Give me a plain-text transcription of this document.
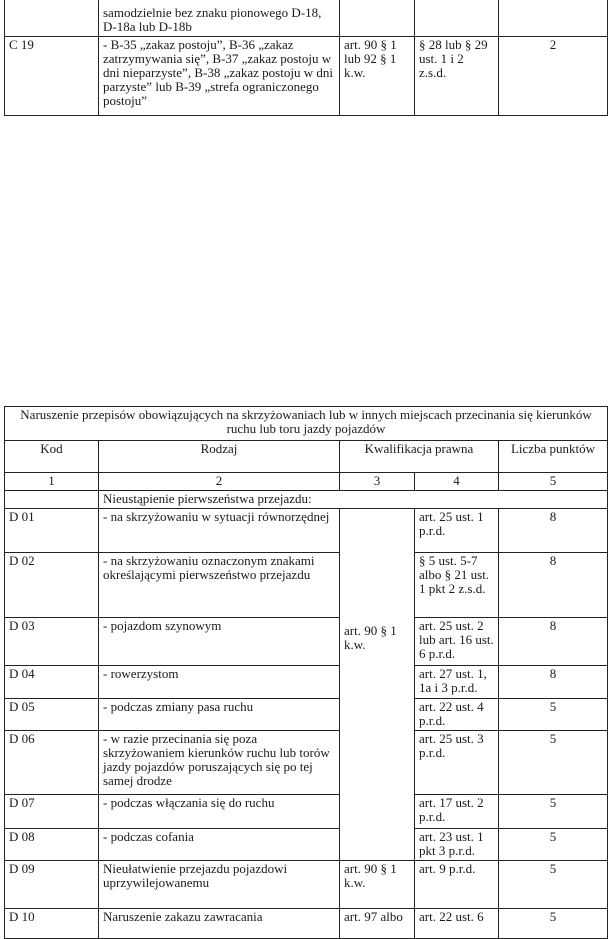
	samodzielnie bez znaku pionowego D-18, D-18a lub D-18b			
C 19	- B-35 „zakaz postoju”, B-36 „zakaz zatrzymywania się”, B-37 „zakaz postoju w dni nieparzyste”, B-38 „zakaz postoju w dni parzyste” lub B-39 „strefa ograniczonego postoju”	art. 90 § 1 lub 92 § 1 k.w.	§ 28 lub § 29 ust. 1 i 2 z.s.d.	2
Naruszenie przepisów obowiązujących na skrzyżowaniach lub w innych miejscach przecinania się kierunków ruchu lub toru jazdy pojazdów				
Kod	Rodzaj	Kwalifikacja prawna		Liczba punktów
1	2	3	4	5
	Nieustąpienie pierwszeństwa przejazdu:			
D 01	- na skrzyżowaniu w sytuacji równorzędnej	art. 90 § 1 k.w.	art. 25 ust. 1 p.r.d.	8
D 02	- na skrzyżowaniu oznaczonym znakami określającymi pierwszeństwo przejazdu		§ 5 ust. 5-7 albo § 21 ust. 1 pkt 2 z.s.d.	8
D 03	- pojazdom szynowym		art. 25 ust. 2 lub art. 16 ust. 6 p.r.d.	8
D 04	- rowerzystom		art. 27 ust. 1, 1a i 3 p.r.d.	8
D 05	- podczas zmiany pasa ruchu		art. 22 ust. 4 p.r.d.	5
D 06	- w razie przecinania się poza skrzyżowaniem kierunków ruchu lub torów jazdy pojazdów poruszających się po tej samej drodze		art. 25 ust. 3 p.r.d.	5
D 07	- podczas włączania się do ruchu		art. 17 ust. 2 p.r.d.	5
D 08	- podczas cofania		art. 23 ust. 1 pkt 3 p.r.d.	5
D 09	Nieułatwienie przejazdu pojazdowi uprzywilejowanemu	art. 90 § 1 k.w.	art. 9 p.r.d.	5
D 10	Naruszenie zakazu zawracania	art. 97 albo	art. 22 ust. 6	5
